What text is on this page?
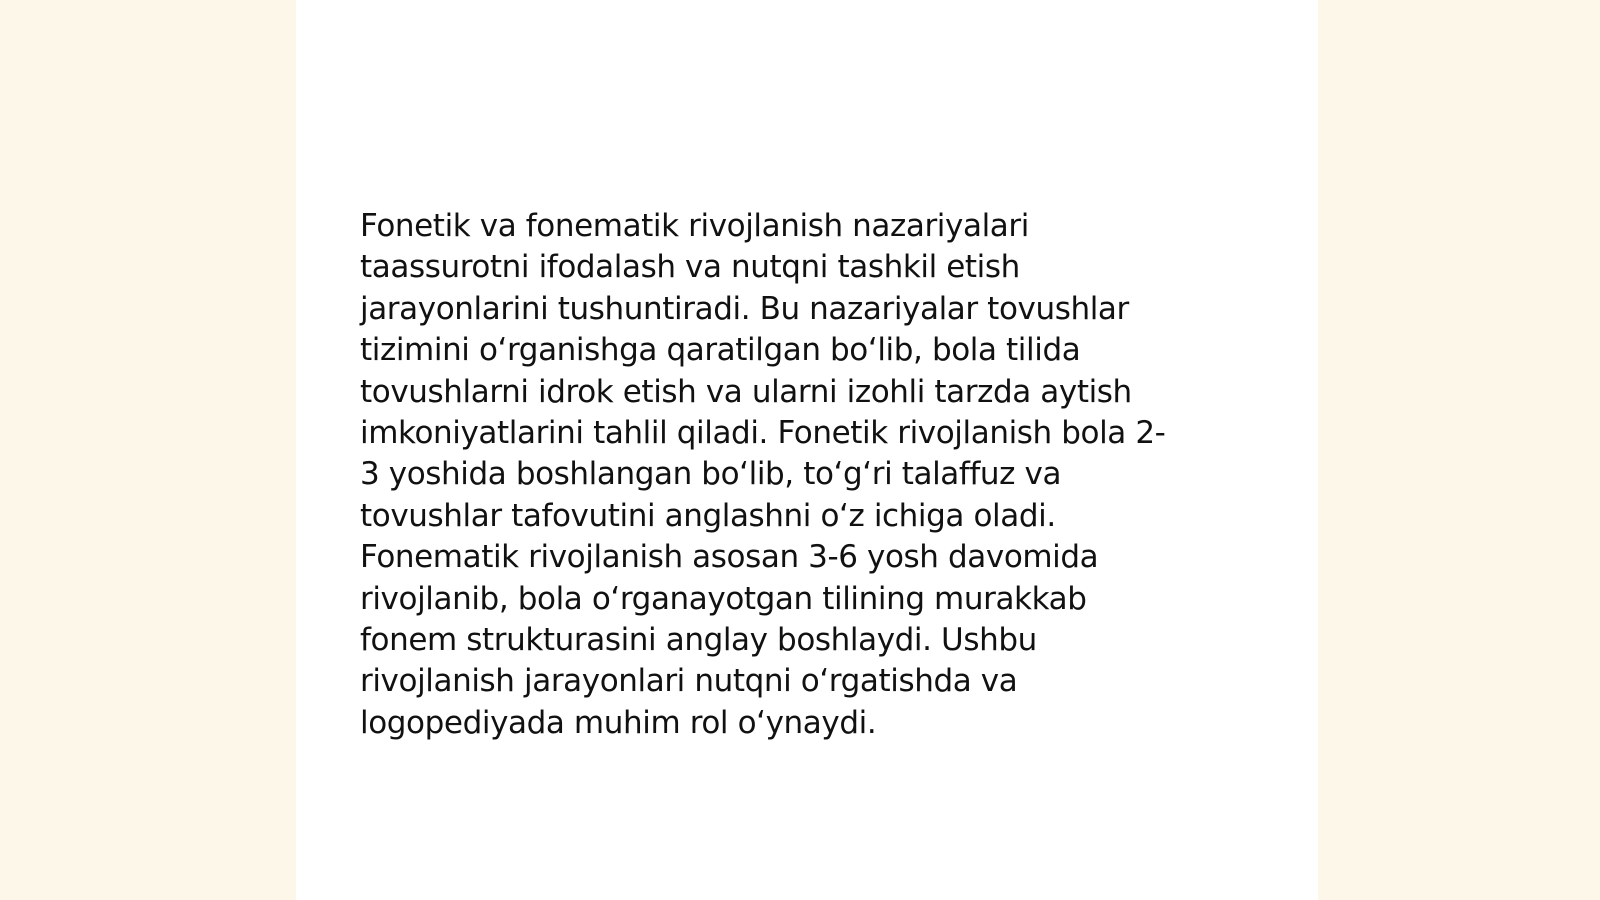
Fonetik va fonematik rivojlanish nazariyalari
taassurotni ifodalash va nutqni tashkil etish
jarayonlarini tushuntiradi. Bu nazariyalar tovushlar
tizimini oʻrganishga qaratilgan boʻlib, bola tilida
tovushlarni idrok etish va ularni izohli tarzda aytish
imkoniyatlarini tahlil qiladi. Fonetik rivojlanish bola 2-
3 yoshida boshlangan boʻlib, toʻgʻri talaffuz va
tovushlar tafovutini anglashni oʻz ichiga oladi.
Fonematik rivojlanish asosan 3-6 yosh davomida
rivojlanib, bola oʻrganayotgan tilining murakkab
fonem strukturasini anglay boshlaydi. Ushbu
rivojlanish jarayonlari nutqni oʻrgatishda va
logopediyada muhim rol oʻynaydi.
